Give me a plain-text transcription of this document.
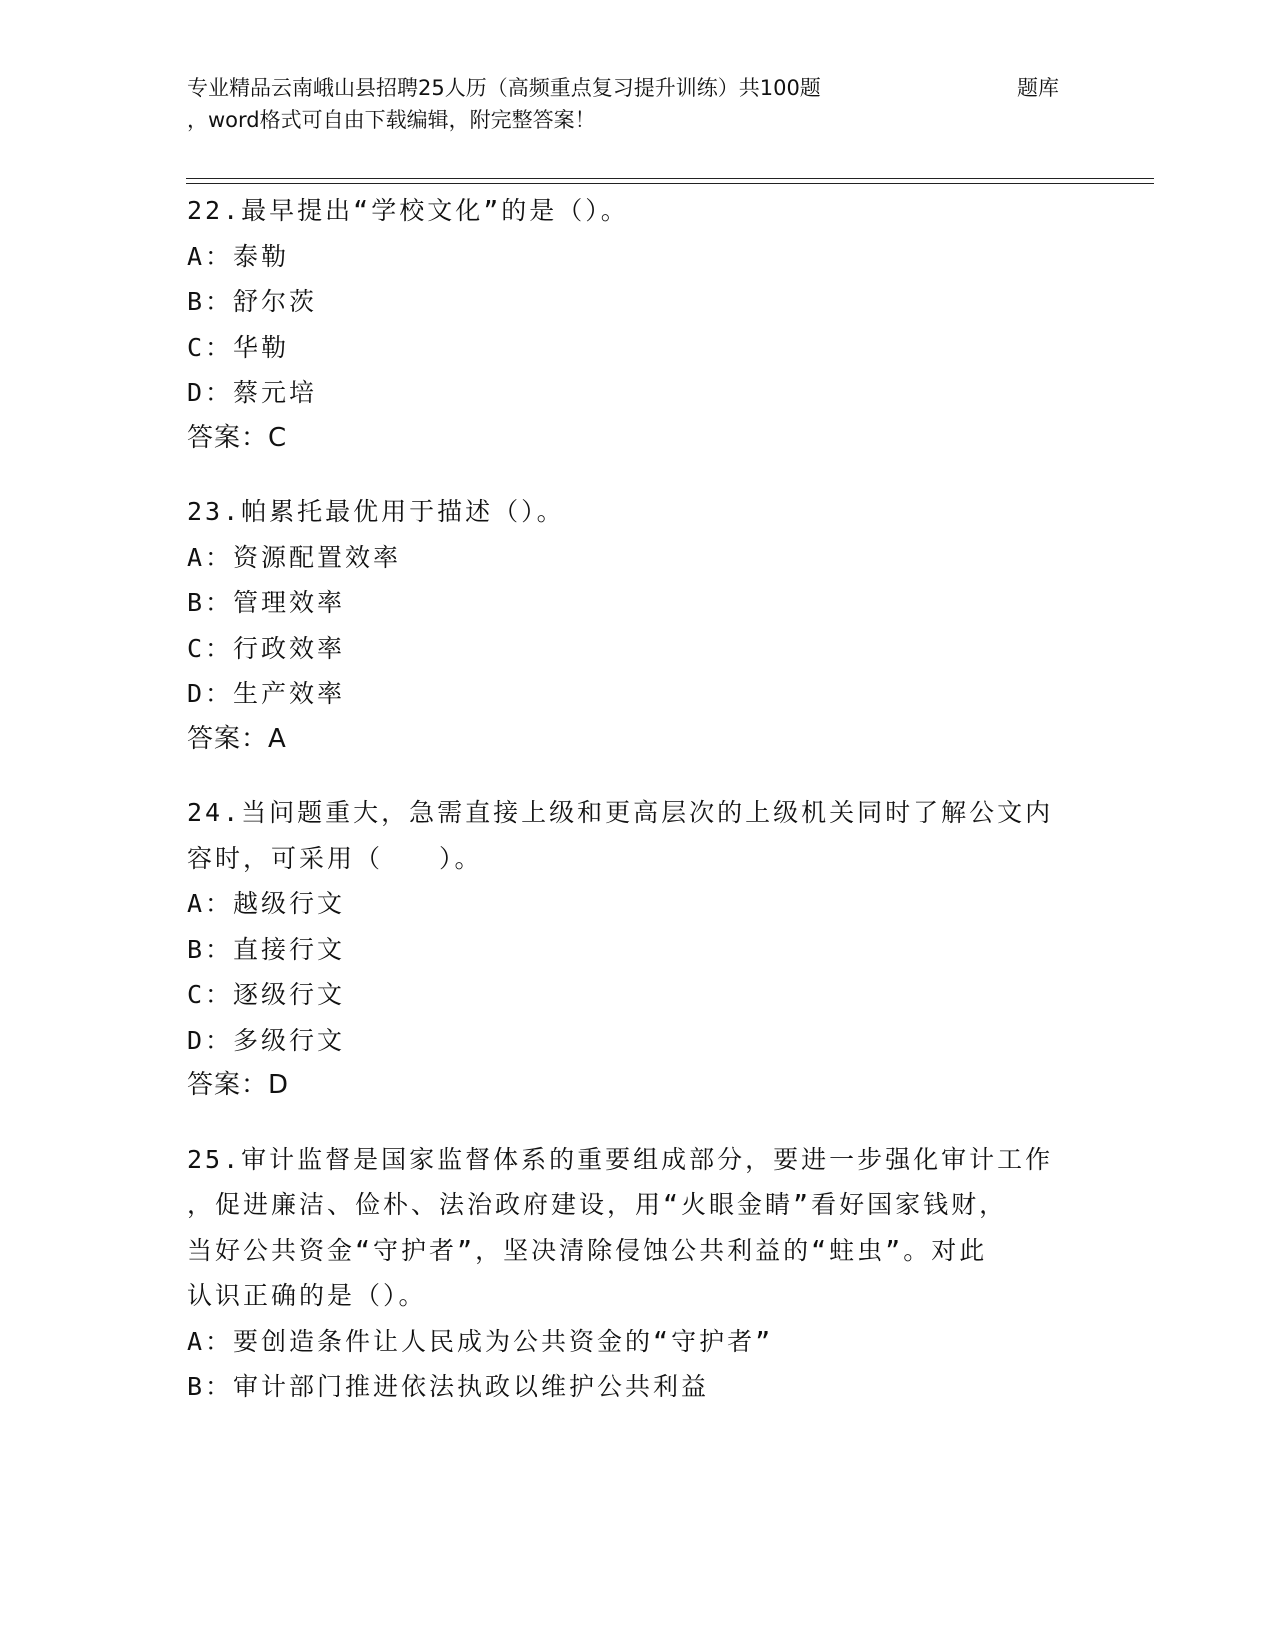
专业精品云南峨山县招聘25人历（高频重点复习提升训练）共100题	题库
，word格式可自由下载编辑，附完整答案！
22.最早提出“学校文化”的是（）。
A：泰勒
B：舒尔茨
C：华勒
D：蔡元培
答案：C
23.帕累托最优用于描述（）。
A：资源配置效率
B：管理效率
C：行政效率
D：生产效率
答案：A
24.当问题重大，急需直接上级和更高层次的上级机关同时了解公文内
容时，可采用（　　）。
A：越级行文
B：直接行文
C：逐级行文
D：多级行文
答案：D
25.审计监督是国家监督体系的重要组成部分，要进一步强化审计工作
，促进廉洁、俭朴、法治政府建设，用“火眼金睛”看好国家钱财，
当好公共资金“守护者”，坚决清除侵蚀公共利益的“蛀虫”。对此
认识正确的是（）。
A：要创造条件让人民成为公共资金的“守护者”
B：审计部门推进依法执政以维护公共利益
